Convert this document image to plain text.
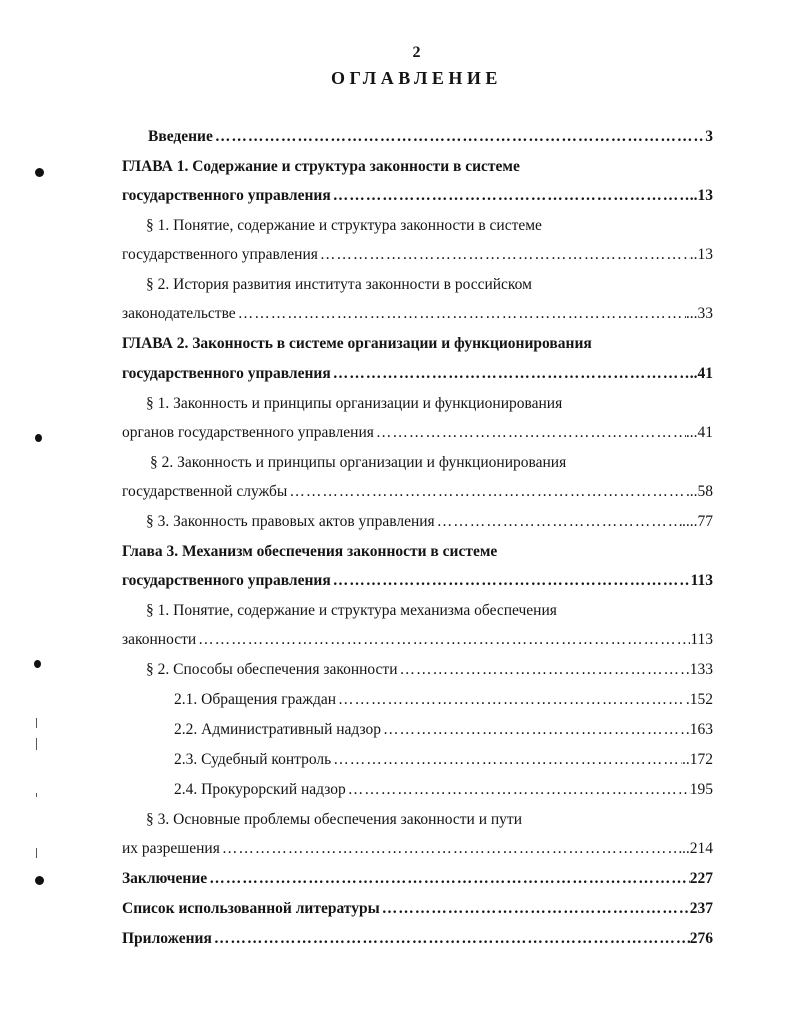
2
ОГЛАВЛЕНИЕ
Введение ……………………………………………………………………………………………………………………………………………………………	3
ГЛАВА 1. Содержание и структура законности в системе
государственного управления ……………………………………………………………………………………………………………………………………………………………	..13
§ 1. Понятие, содержание и структура законности в системе
государственного управления ……………………………………………………………………………………………………………………………………………………………	..13
§ 2. История развития института законности в российском
законодательстве ……………………………………………………………………………………………………………………………………………………………	...33
ГЛАВА 2. Законность в системе организации и функционирования
государственного управления ……………………………………………………………………………………………………………………………………………………………	..41
§ 1. Законность и принципы организации и функционирования
органов государственного управления ……………………………………………………………………………………………………………………………………………………………	...41
§ 2. Законность и принципы организации и функционирования
государственной службы ……………………………………………………………………………………………………………………………………………………………	..58
§ 3. Законность правовых актов управления ……………………………………………………………………………………………………………………………………………………………	....77
Глава 3. Механизм обеспечения законности в системе
государственного управления ……………………………………………………………………………………………………………………………………………………………	113
§ 1. Понятие, содержание и структура механизма обеспечения
законности ……………………………………………………………………………………………………………………………………………………………	113
§ 2. Способы обеспечения законности ……………………………………………………………………………………………………………………………………………………………	133
2.1. Обращения граждан ……………………………………………………………………………………………………………………………………………………………	.152
2.2. Административный надзор ……………………………………………………………………………………………………………………………………………………………	163
2.3. Судебный контроль ……………………………………………………………………………………………………………………………………………………………	..172
2.4. Прокурорский надзор ……………………………………………………………………………………………………………………………………………………………	195
§ 3. Основные проблемы обеспечения законности и пути
их разрешения ……………………………………………………………………………………………………………………………………………………………	..214
Заключение ……………………………………………………………………………………………………………………………………………………………	227
Список использованной литературы ……………………………………………………………………………………………………………………………………………………………	237
Приложения ……………………………………………………………………………………………………………………………………………………………	276
